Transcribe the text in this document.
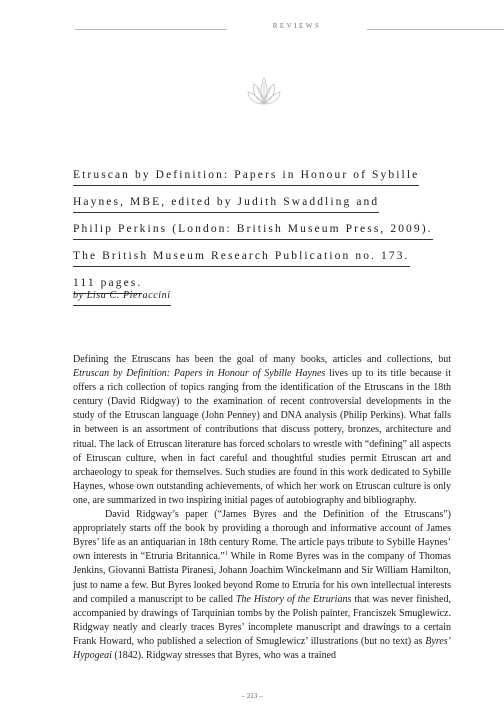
REVIEWS
Etruscan by Definition: Papers in Honour of Sybille
Haynes, MBE, edited by Judith Swaddling and
Philip Perkins (London: British Museum Press, 2009).
The British Museum Research Publication no. 173.
111 pages.
by Lisa C. Pieraccini

Defining the Etruscans has been the goal of many books, articles and collections, but Etruscan by Definition: Papers in Honour of Sybille Haynes lives up to its title because it offers a rich collection of topics ranging from the identification of the Etruscans in the 18th century (David Ridgway) to the examination of recent controversial developments in the study of the Etruscan language (John Penney) and DNA analysis (Philip Perkins). What falls in between is an assortment of contributions that discuss pottery, bronzes, architecture and ritual. The lack of Etruscan literature has forced scholars to wrestle with “defining” all aspects of Etruscan culture, when in fact careful and thoughtful studies permit Etruscan art and archaeology to speak for themselves. Such studies are found in this work dedicated to Sybille Haynes, whose own outstanding achievements, of which her work on Etruscan culture is only one, are summarized in two inspiring initial pages of autobiography and bibliography.

David Ridgway’s paper (“James Byres and the Definition of the Etruscans”) appropriately starts off the book by providing a thorough and informative account of James Byres’ life as an antiquarian in 18th century Rome. The article pays tribute to Sybille Haynes’ own interests in “Etruria Britannica.”$^1$ While in Rome Byres was in the company of Thomas Jenkins, Giovanni Battista Piranesi, Johann Joachim Winckelmann and Sir William Hamilton, just to name a few. But Byres looked beyond Rome to Etruria for his own intellectual interests and compiled a manuscript to be called The History of the Etrurians that was never finished, accompanied by drawings of Tarquinian tombs by the Polish painter, Franciszek Smuglewicz. Ridgway neatly and clearly traces Byres’ incomplete manuscript and drawings to a certain Frank Howard, who published a selection of Smuglewicz’ illustrations (but no text) as Byres’ Hypogeai (1842). Ridgway stresses that Byres, who was a trained

– 213 –
